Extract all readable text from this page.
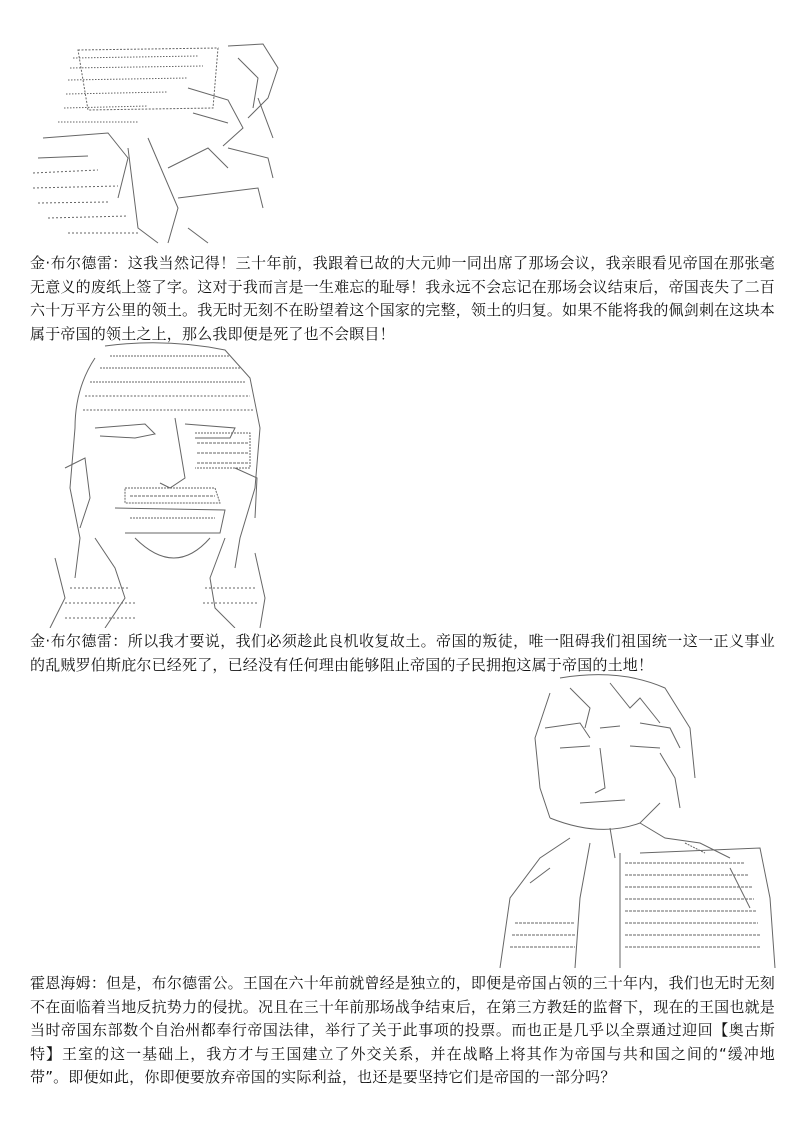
金·布尔德雷：这我当然记得！三十年前，我跟着已故的大元帅一同出席了那场会议，我亲眼看见帝国在那张毫无意义的废纸上签了字。这对于我而言是一生难忘的耻辱！我永远不会忘记在那场会议结束后，帝国丧失了二百六十万平方公里的领土。我无时无刻不在盼望着这个国家的完整，领土的归复。如果不能将我的佩剑刺在这块本属于帝国的领土之上，那么我即便是死了也不会瞑目！

金·布尔德雷：所以我才要说，我们必须趁此良机收复故土。帝国的叛徒，唯一阻碍我们祖国统一这一正义事业的乱贼罗伯斯庇尔已经死了，已经没有任何理由能够阻止帝国的子民拥抱这属于帝国的土地！

霍恩海姆：但是，布尔德雷公。王国在六十年前就曾经是独立的，即便是帝国占领的三十年内，我们也无时无刻不在面临着当地反抗势力的侵扰。况且在三十年前那场战争结束后，在第三方教廷的监督下，现在的王国也就是当时帝国东部数个自治州都奉行帝国法律，举行了关于此事项的投票。而也正是几乎以全票通过迎回【奥古斯特】王室的这一基础上，我方才与王国建立了外交关系，并在战略上将其作为帝国与共和国之间的“缓冲地带”。即便如此，你即便要放弃帝国的实际利益，也还是要坚持它们是帝国的一部分吗？
